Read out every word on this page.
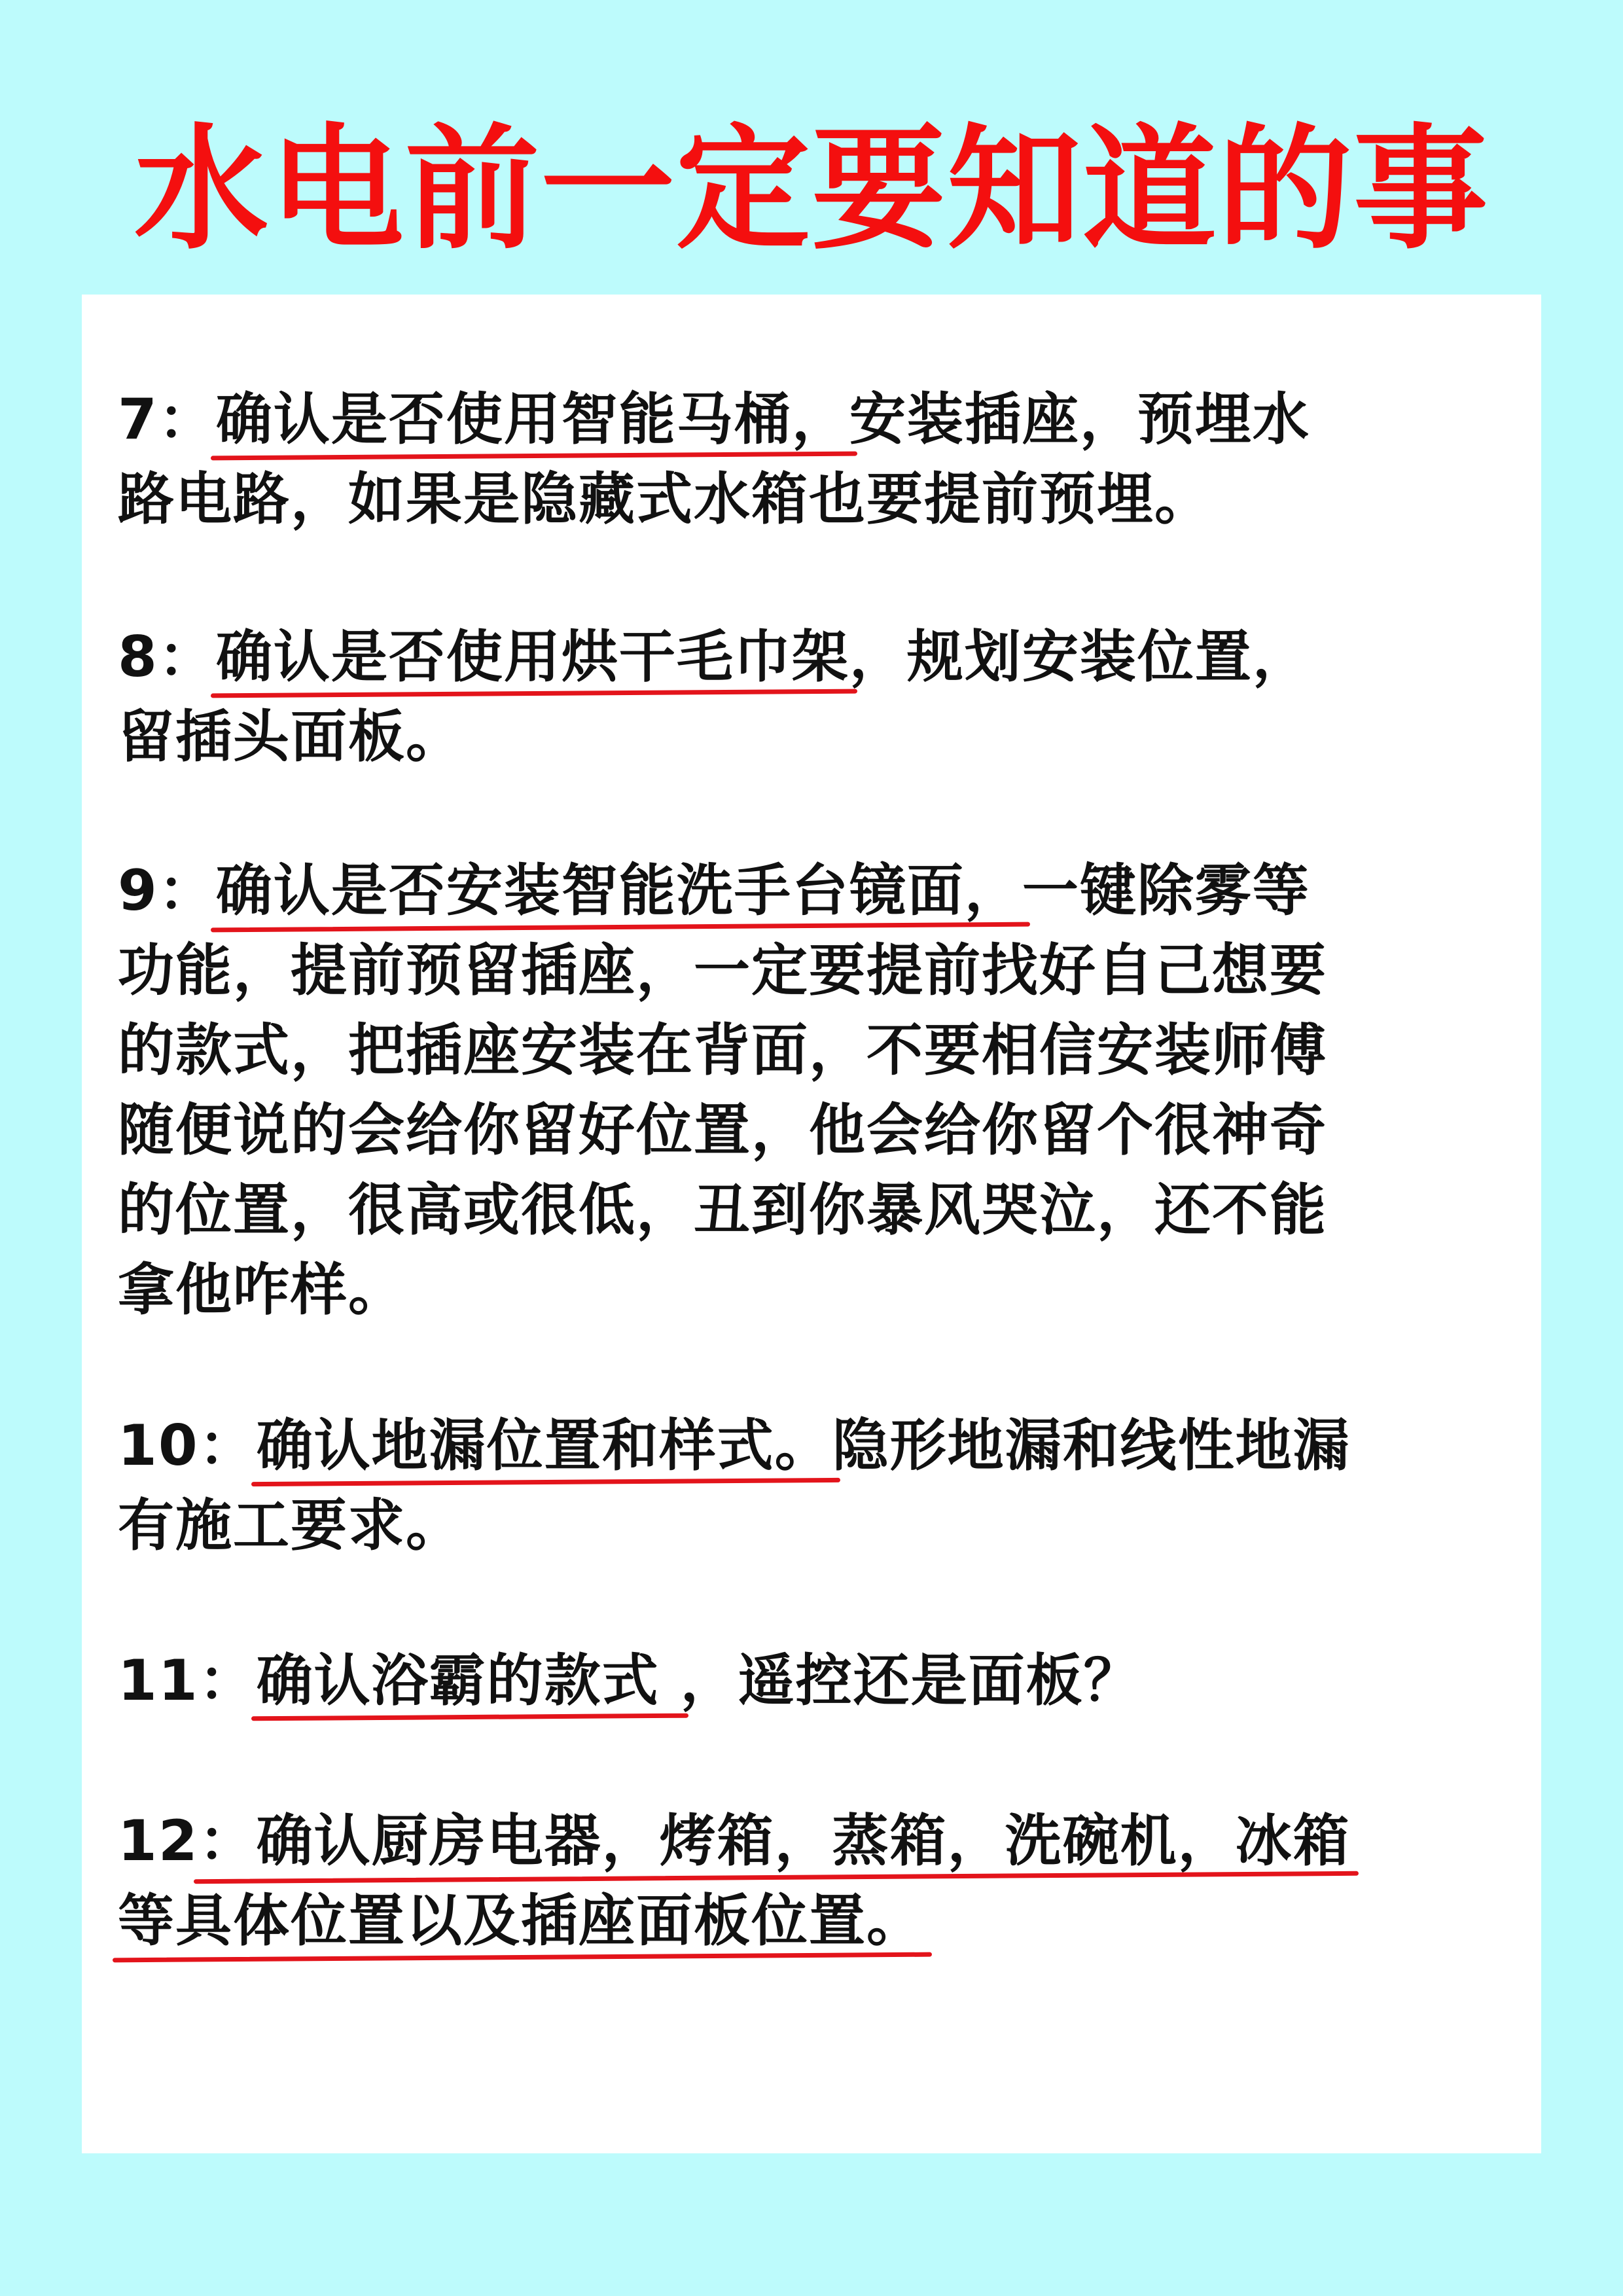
水电前一定要知道的事
7：确认是否使用智能马桶，安装插座，预埋水
路电路，如果是隐藏式水箱也要提前预埋。
8：确认是否使用烘干毛巾架，规划安装位置，
留插头面板。
9：确认是否安装智能洗手台镜面，一键除雾等
功能，提前预留插座，一定要提前找好自己想要
的款式，把插座安装在背面，不要相信安装师傅
随便说的会给你留好位置，他会给你留个很神奇
的位置，很高或很低，丑到你暴风哭泣，还不能
拿他咋样。
10：确认地漏位置和样式。隐形地漏和线性地漏
有施工要求。
11：确认浴霸的款式 ，遥控还是面板？
12：确认厨房电器，烤箱，蒸箱，洗碗机，冰箱
等具体位置以及插座面板位置。
